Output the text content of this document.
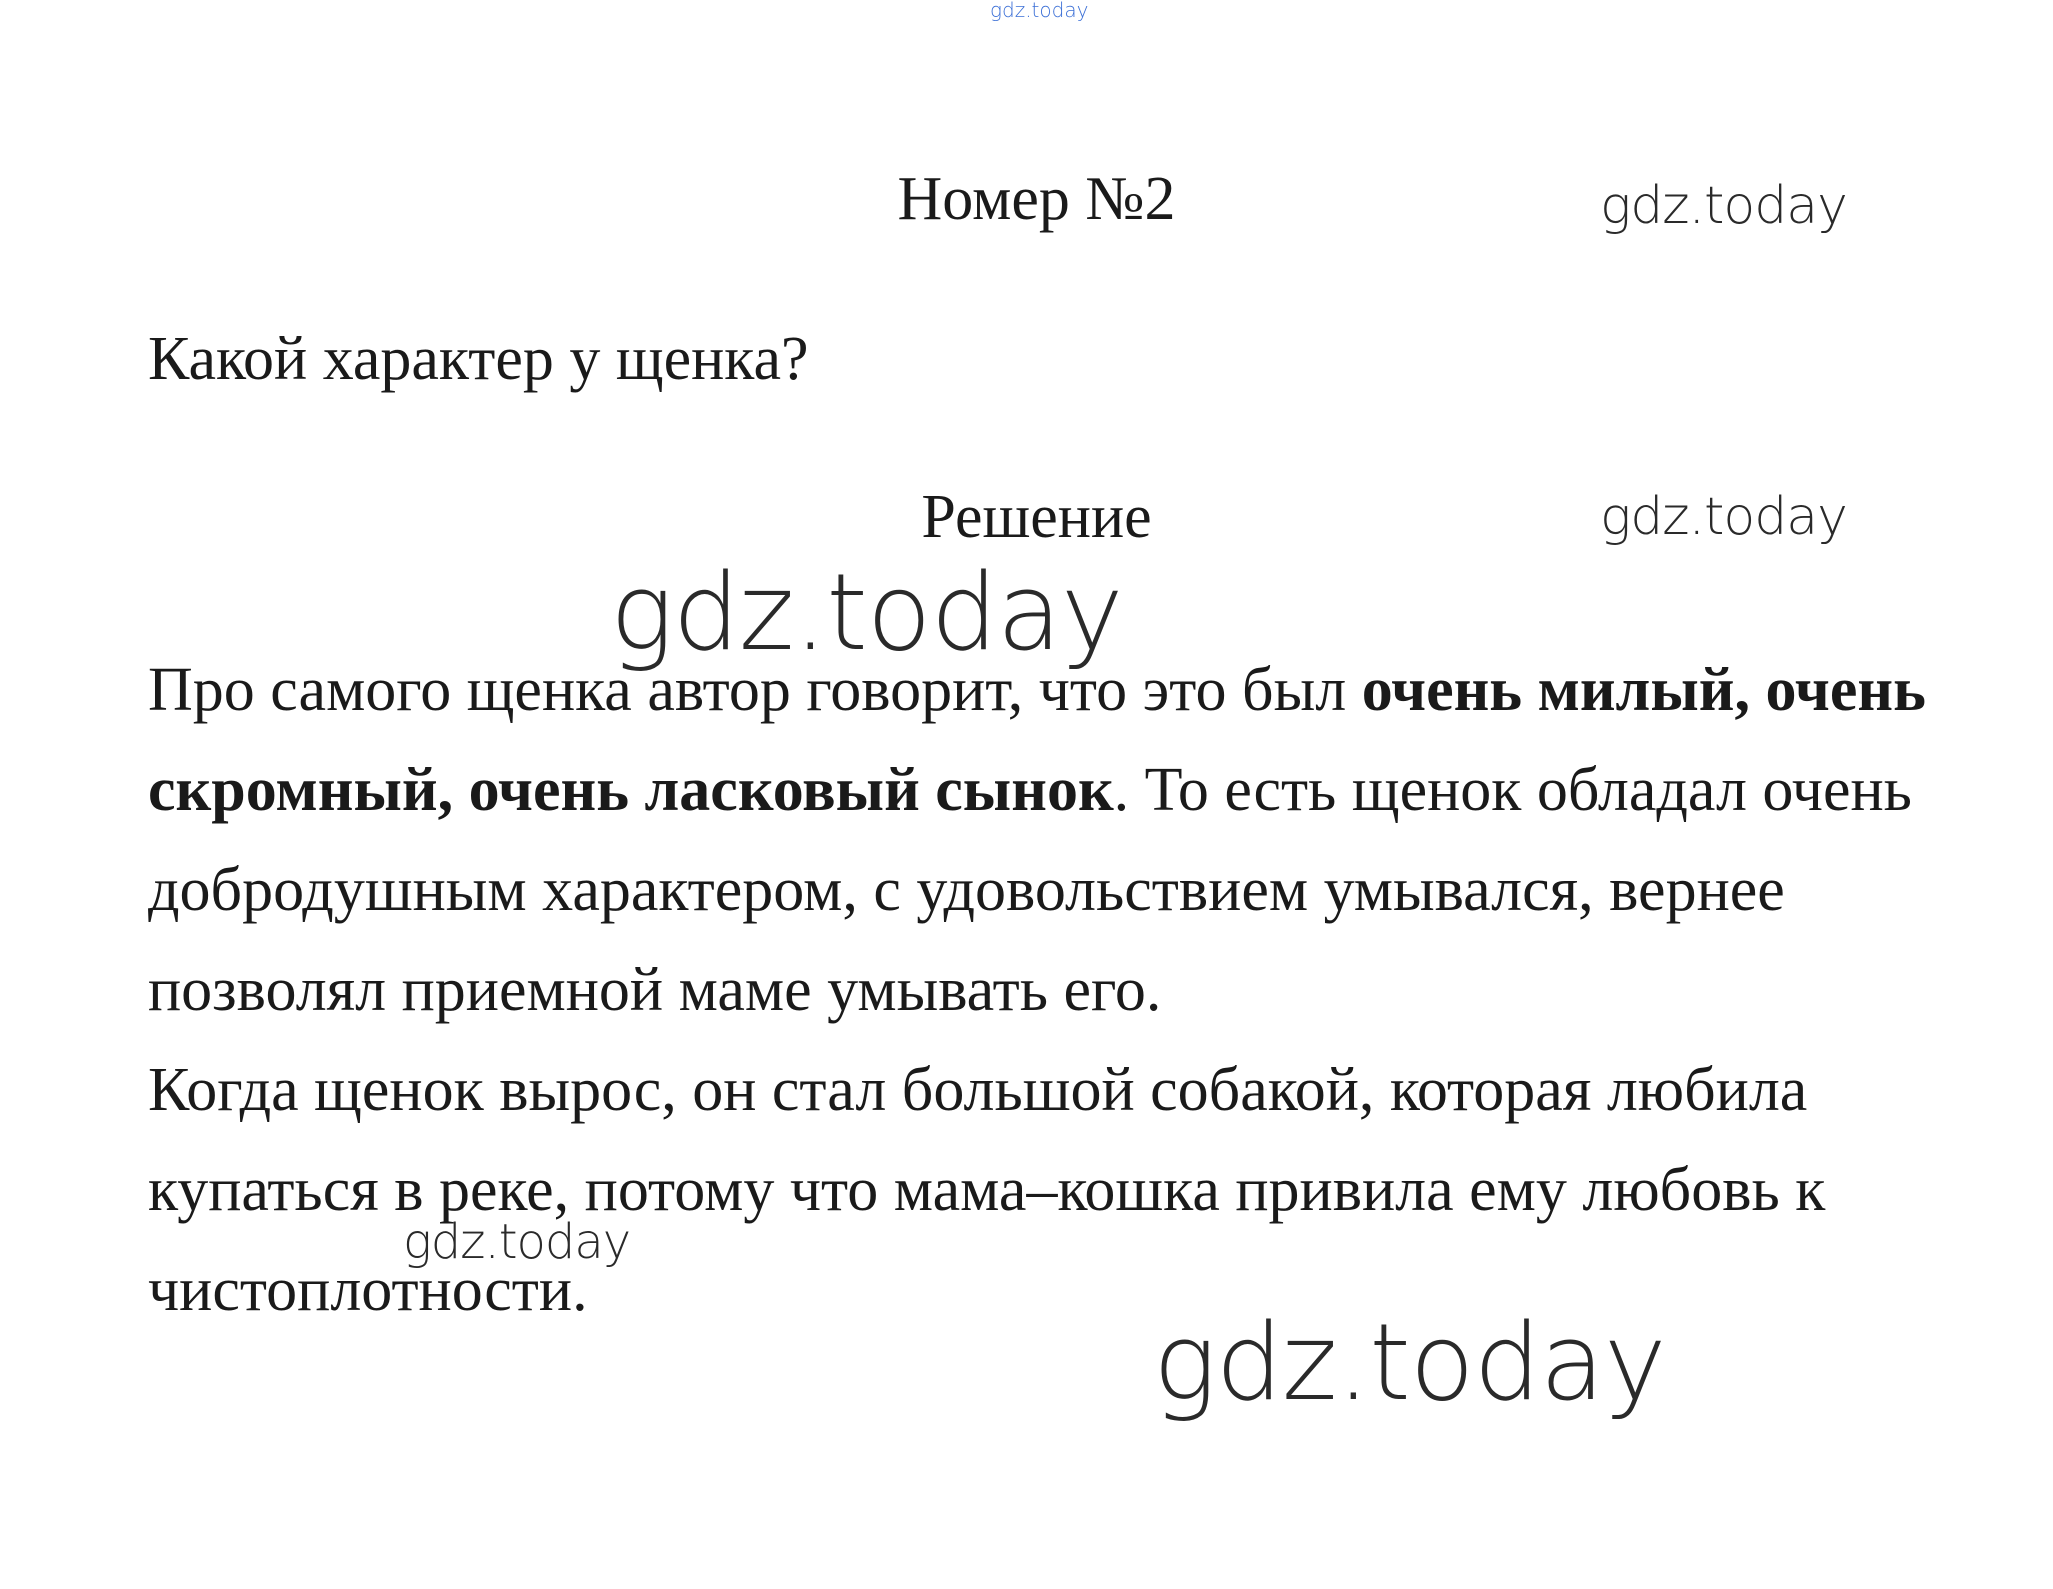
gdz.today
Номер №2	gdz.today
Какой характер у щенка?
Решение	gdz.today

Про самого щенка автор говорит, что это был очень милый, очень скромный, очень ласковый сынок. То есть щенок обладал очень добродушным характером, с удовольствием умывался, вернее позволял приемной маме умывать его.

Когда щенок вырос, он стал большой собакой, которая любила купаться в реке, потому что мама–кошка привила ему любовь к чистоплотности.

gdz.today
gdz.today
gdz.today
